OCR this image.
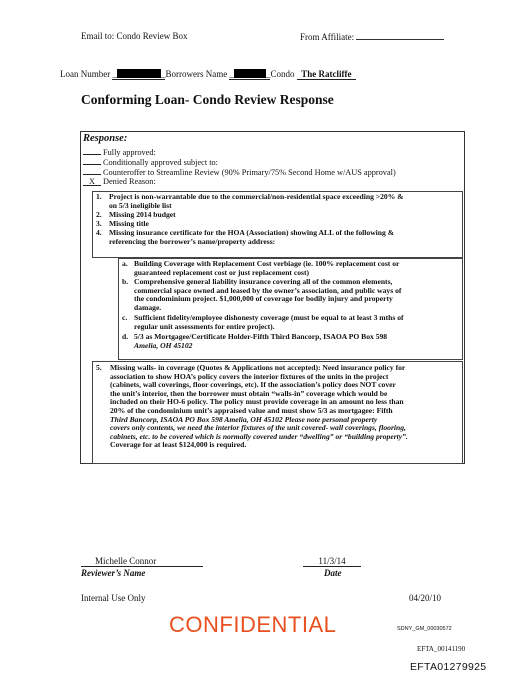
Email to: Condo Review Box	From Affiliate:
Loan Number _	_Borrowers Name _	_Condo   The Ratcliffe
Conforming Loan- Condo Review Response
Response:
Fully approved:
Conditionally approved subject to:
Counteroffer to Streamline Review (90% Primary/75% Second Home w/AUS approval)
X Denied Reason:
1. Project is non-warrantable due to the commercial/non-residential space exceeding >20% &
on 5/3 ineligible list
2. Missing 2014 budget
3. Missing title
4. Missing insurance certificate for the HOA (Association) showing ALL of the following &
referencing the borrower’s name/property address:
a. Building Coverage with Replacement Cost verbiage (ie. 100% replacement cost or
guaranteed replacement cost or just replacement cost)
b. Comprehensive general liability insurance covering all of the common elements,
commercial space owned and leased by the owner’s association, and public ways of
the condominium project. $1,000,000 of coverage for bodily injury and property
damage.
c. Sufficient fidelity/employee dishonesty coverage (must be equal to at least 3 mths of
regular unit assessments for entire project).
d. 5/3 as Mortgagee/Certificate Holder-Fifth Third Bancorp, ISAOA PO Box 598
Amelia, OH 45102
5. Missing walls- in coverage (Quotes & Applications not accepted): Need insurance policy for
association to show HOA’s policy covers the interior fixtures of the units in the project
(cabinets, wall coverings, floor coverings, etc). If the association’s policy does NOT cover
the unit’s interior, then the borrower must obtain “walls-in” coverage which would be
included on their HO-6 policy. The policy must provide coverage in an amount no less than
20% of the condominium unit’s appraised value and must show 5/3 as mortgagee: Fifth
Third Bancorp, ISAOA PO Box 598 Amelia, OH 45102 Please note personal property
covers only contents, we need the interior fixtures of the unit covered- wall coverings, flooring,
cabinets, etc. to be covered which is normally covered under “dwelling” or “building property”.
Coverage for at least $124,000 is required.
Michelle Connor
Reviewer’s Name
11/3/14
Date
Internal Use Only	04/20/10
CONFIDENTIAL	SDNY_GM_00030572
EFTA_00141190
EFTA01279925
